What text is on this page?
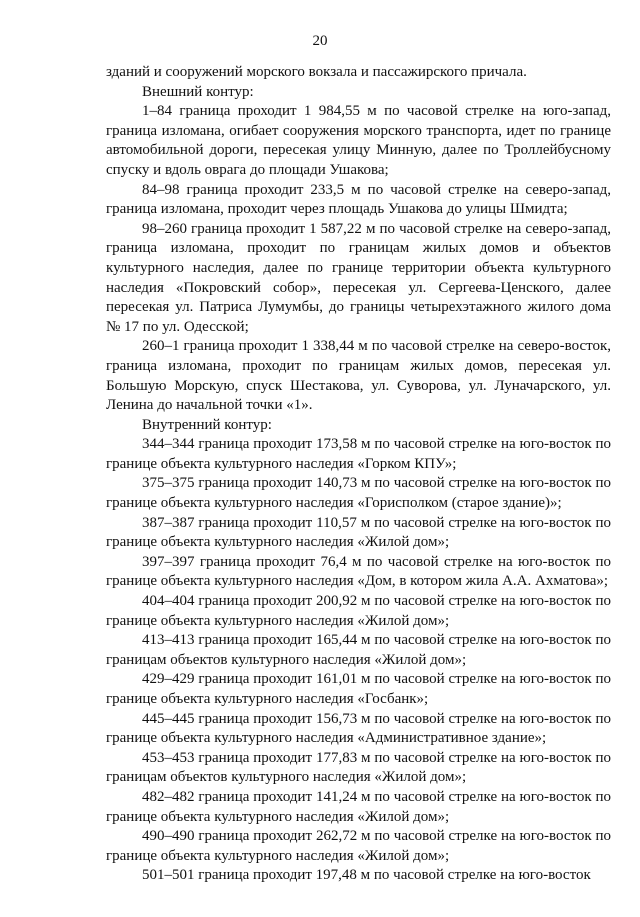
20

зданий и сооружений морского вокзала и пассажирского причала.

Внешний контур:

1–84 граница проходит 1 984,55 м по часовой стрелке на юго-запад, граница изломана, огибает сооружения морского транспорта, идет по границе автомобильной дороги, пересекая улицу Минную, далее по Троллейбусному спуску и вдоль оврага до площади Ушакова;

84–98 граница проходит 233,5 м по часовой стрелке на северо-запад, граница изломана, проходит через площадь Ушакова до улицы Шмидта;

98–260 граница проходит 1 587,22 м по часовой стрелке на северо-запад, граница изломана, проходит по границам жилых домов и объектов культурного наследия, далее по границе территории объекта культурного наследия «Покровский собор», пересекая ул. Сергеева-Ценского, далее пересекая ул. Патриса Лумумбы, до границы четырехэтажного жилого дома № 17 по ул. Одесской;

260–1 граница проходит 1 338,44 м по часовой стрелке на северо-восток, граница изломана, проходит по границам жилых домов, пересекая ул. Большую Морскую, спуск Шестакова, ул. Суворова, ул. Луначарского, ул. Ленина до начальной точки «1».

Внутренний контур:

344–344 граница проходит 173,58 м по часовой стрелке на юго-восток по границе объекта культурного наследия «Горком КПУ»;

375–375 граница проходит 140,73 м по часовой стрелке на юго-восток по границе объекта культурного наследия «Горисполком (старое здание)»;

387–387 граница проходит 110,57 м по часовой стрелке на юго-восток по границе объекта культурного наследия «Жилой дом»;

397–397 граница проходит 76,4 м по часовой стрелке на юго-восток по границе объекта культурного наследия «Дом, в котором жила А.А. Ахматова»;

404–404 граница проходит 200,92 м по часовой стрелке на юго-восток по границе объекта культурного наследия «Жилой дом»;

413–413 граница проходит 165,44 м по часовой стрелке на юго-восток по границам объектов культурного наследия «Жилой дом»;

429–429 граница проходит 161,01 м по часовой стрелке на юго-восток по границе объекта культурного наследия «Госбанк»;

445–445 граница проходит 156,73 м по часовой стрелке на юго-восток по границе объекта культурного наследия «Административное здание»;

453–453 граница проходит 177,83 м по часовой стрелке на юго-восток по границам объектов культурного наследия «Жилой дом»;

482–482 граница проходит 141,24 м по часовой стрелке на юго-восток по границе объекта культурного наследия «Жилой дом»;

490–490 граница проходит 262,72 м по часовой стрелке на юго-восток по границе объекта культурного наследия «Жилой дом»;

501–501 граница проходит 197,48 м по часовой стрелке на юго-восток
